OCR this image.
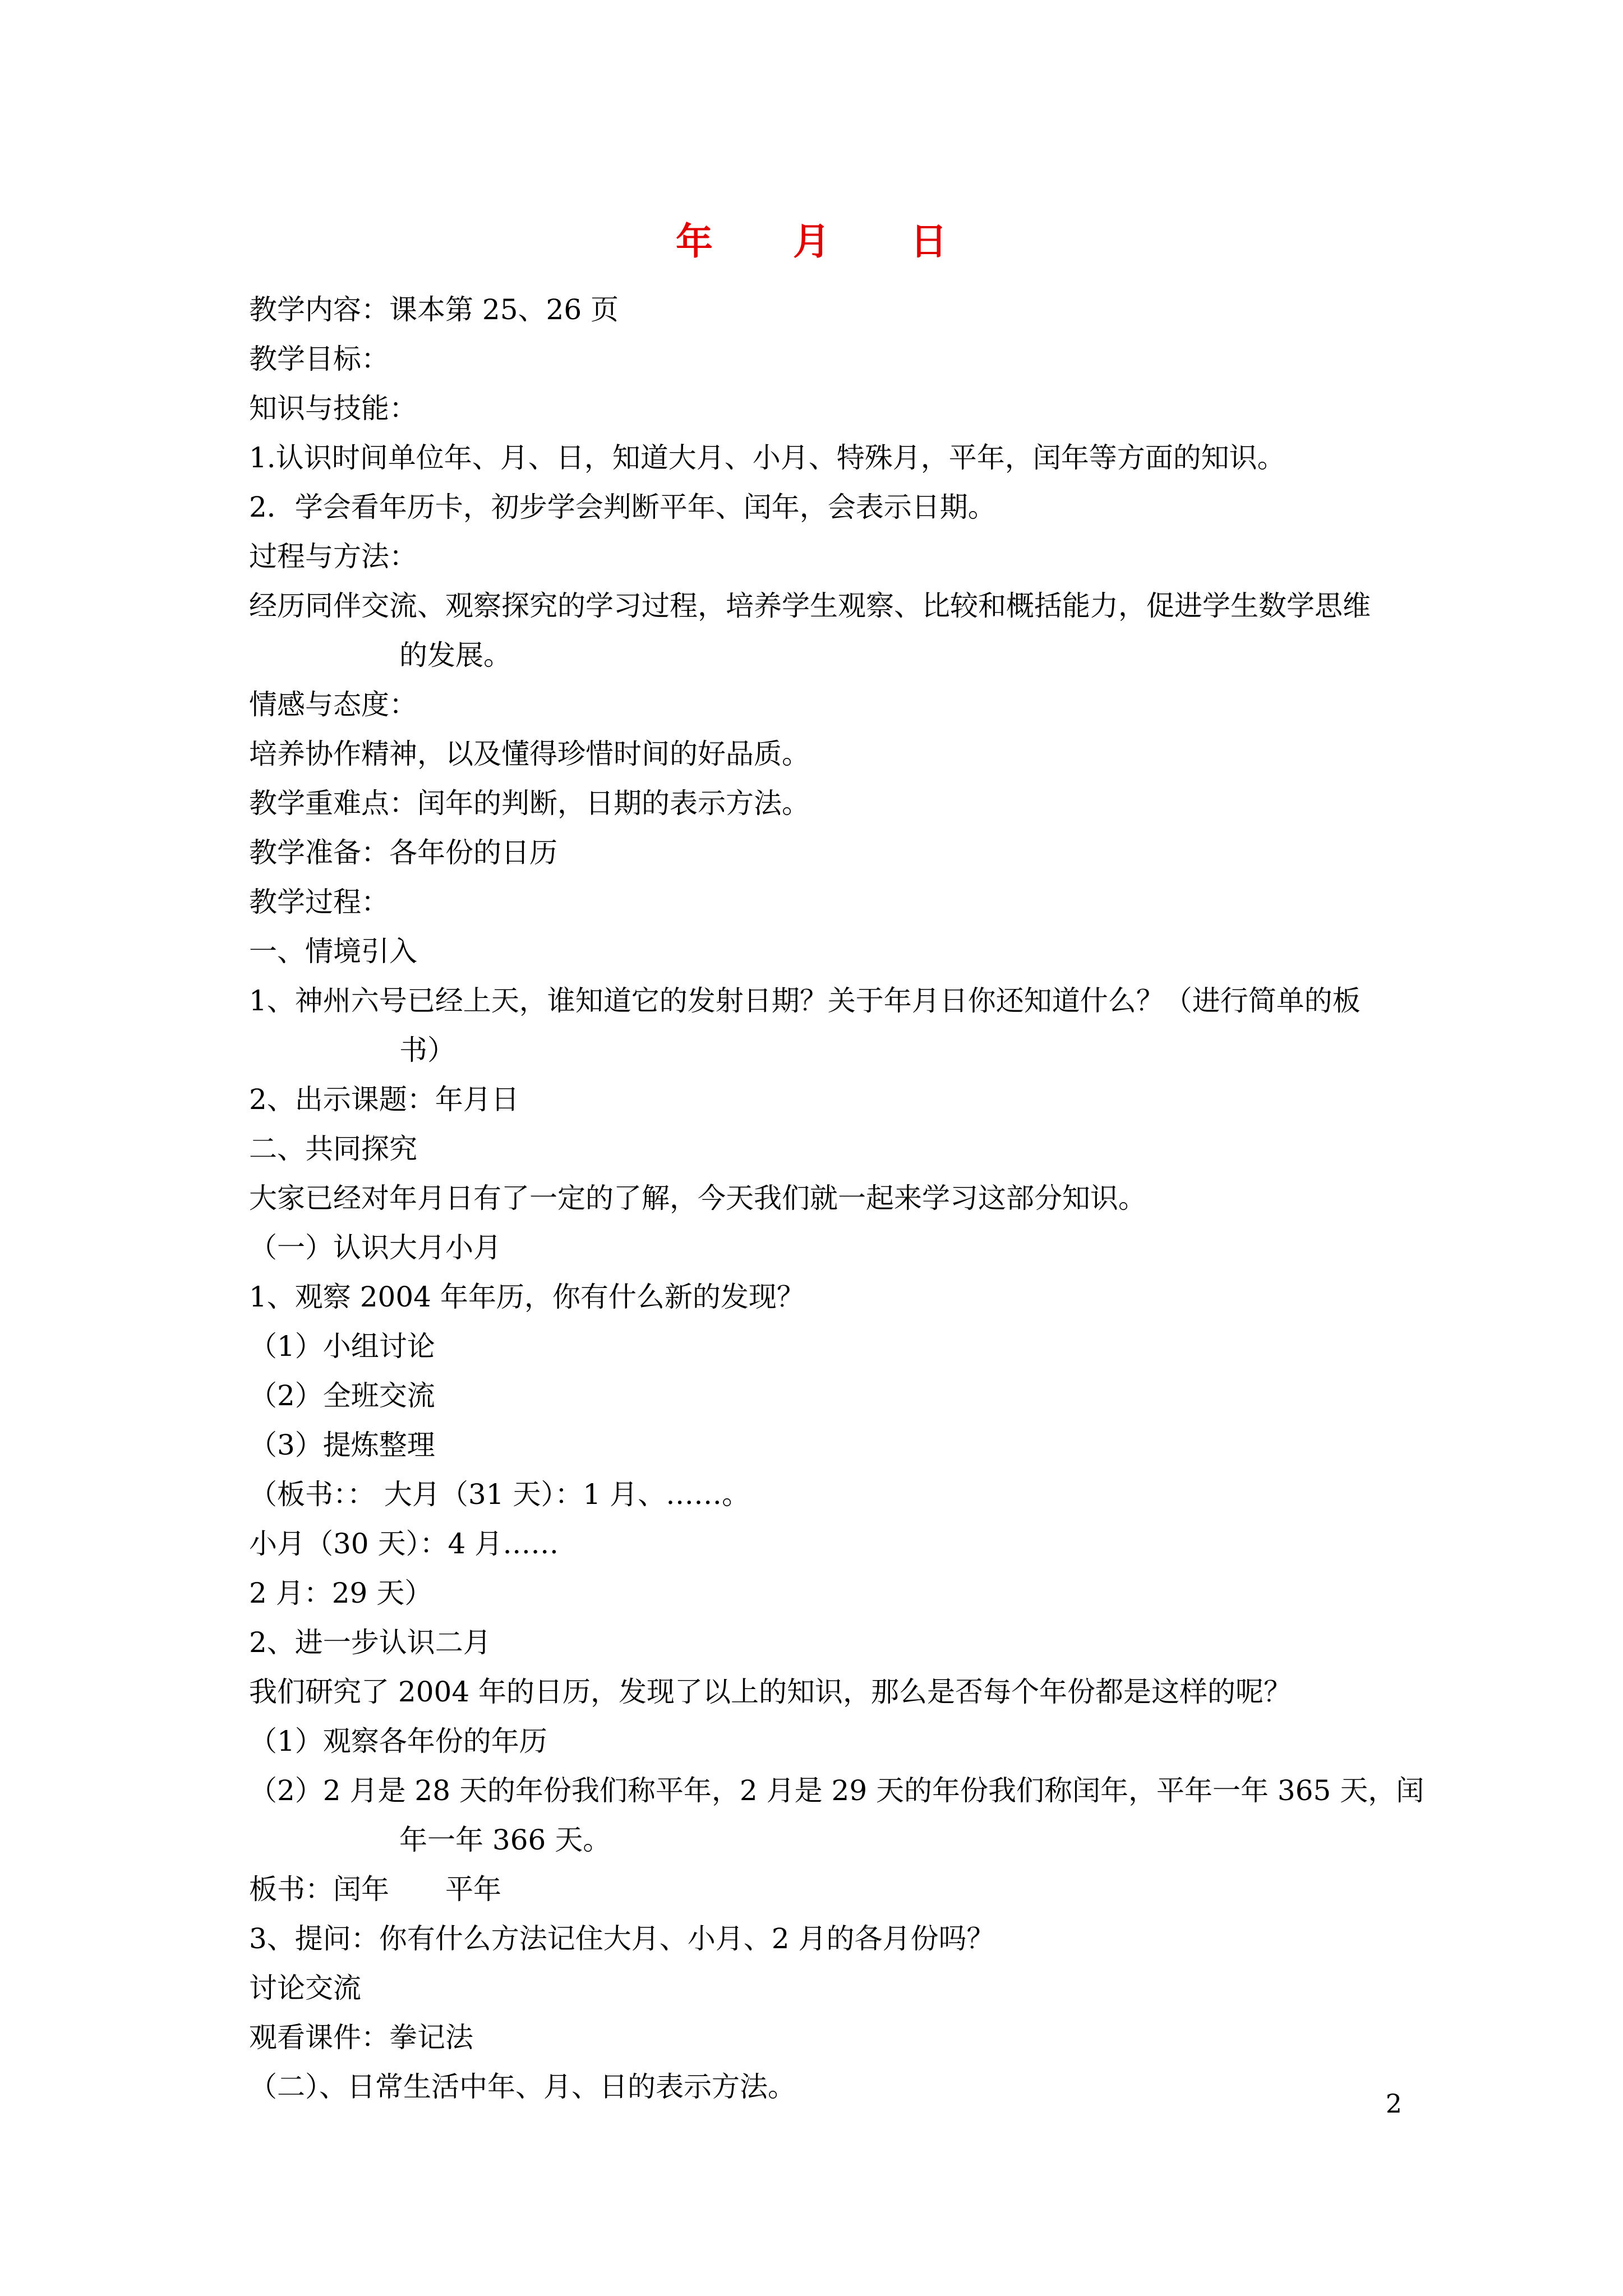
年 月 日

教学内容：课本第 25、26 页

教学目标：

知识与技能：

1.认识时间单位年、月、日，知道大月、小月、特殊月，平年，闰年等方面的知识。

2．学会看年历卡，初步学会判断平年、闰年，会表示日期。

过程与方法：

经历同伴交流、观察探究的学习过程，培养学生观察、比较和概括能力，促进学生数学思维
的发展。

情感与态度：

培养协作精神，以及懂得珍惜时间的好品质。

教学重难点：闰年的判断，日期的表示方法。

教学准备：各年份的日历

教学过程：

一、情境引入

1、神州六号已经上天，谁知道它的发射日期？关于年月日你还知道什么？（进行简单的板
书）

2、出示课题：年月日

二、共同探究

大家已经对年月日有了一定的了解，今天我们就一起来学习这部分知识。

（一）认识大月小月

1、观察 2004 年年历，你有什么新的发现？

（1）小组讨论

（2）全班交流

（3）提炼整理

（板书：： 大月（31 天）：1 月、……。

小月（30 天）：4 月……

2 月：29 天）

2、进一步认识二月

我们研究了 2004 年的日历，发现了以上的知识，那么是否每个年份都是这样的呢？

（1）观察各年份的年历

（2）2 月是 28 天的年份我们称平年，2 月是 29 天的年份我们称闰年，平年一年 365 天，闰
年一年 366 天。

板书：闰年　　平年

3、提问：你有什么方法记住大月、小月、2 月的各月份吗？

讨论交流

观看课件：拳记法

（二）、日常生活中年、月、日的表示方法。

2
